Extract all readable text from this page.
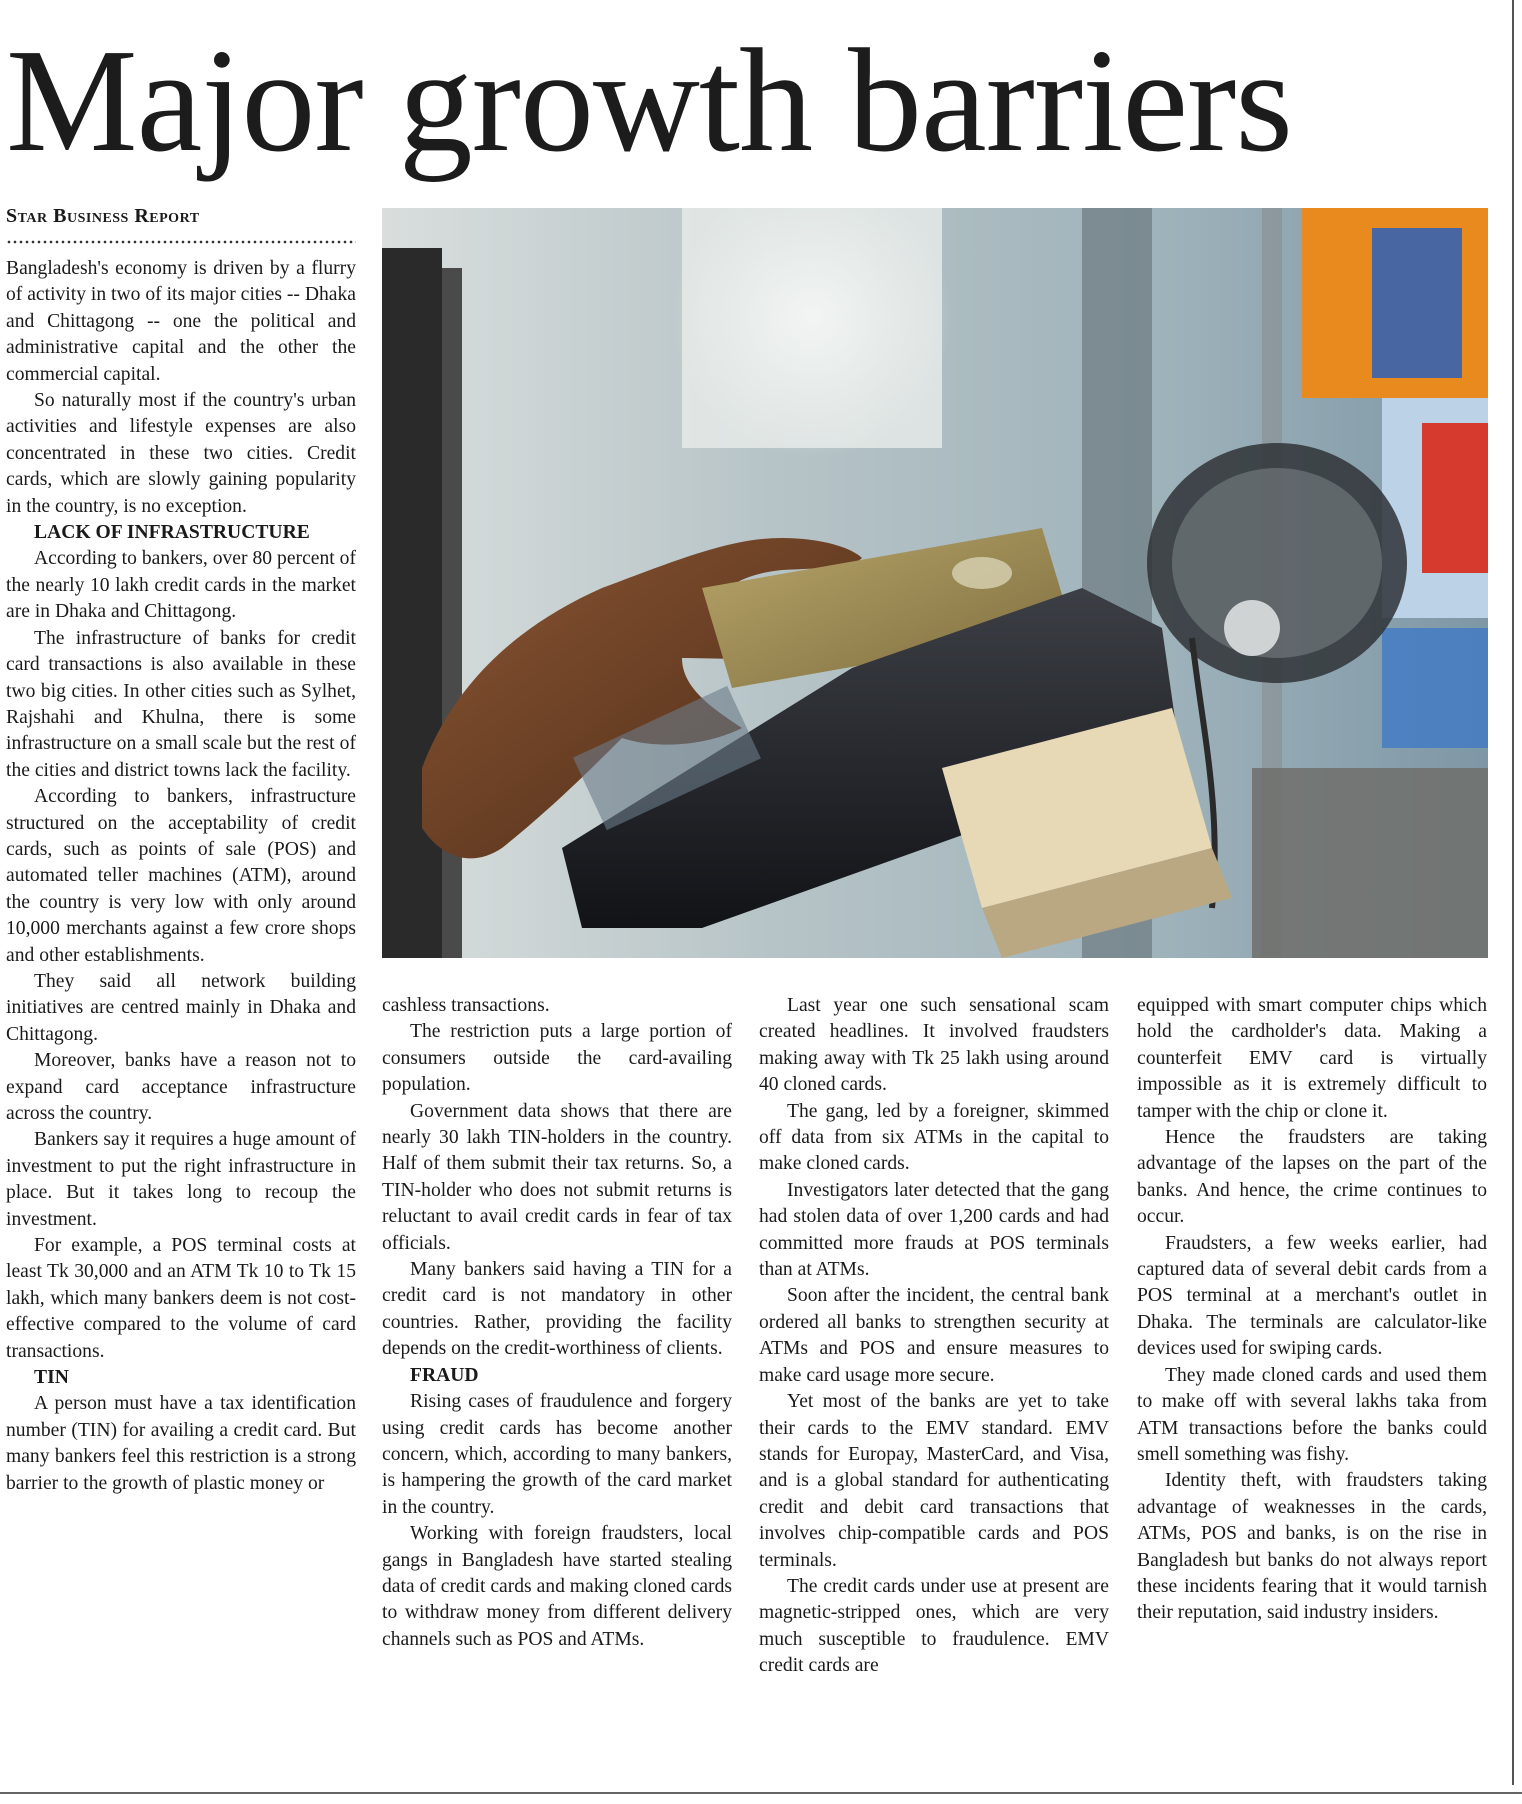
Major growth barriers
Star Business Report

Bangladesh's economy is driven by a flurry of activity in two of its major cities -- Dhaka and Chittagong -- one the political and administrative capital and the other the commercial capital.

So naturally most if the country's urban activities and lifestyle expenses are also concentrated in these two cities. Credit cards, which are slowly gaining popularity in the country, is no exception.

LACK OF INFRASTRUCTURE

According to bankers, over 80 percent of the nearly 10 lakh credit cards in the market are in Dhaka and Chittagong.

The infrastructure of banks for credit card transactions is also available in these two big cities. In other cities such as Sylhet, Rajshahi and Khulna, there is some infrastructure on a small scale but the rest of the cities and district towns lack the facility.

According to bankers, infrastructure structured on the acceptability of credit cards, such as points of sale (POS) and automated teller machines (ATM), around the country is very low with only around 10,000 merchants against a few crore shops and other establishments.

They said all network building initiatives are centred mainly in Dhaka and Chittagong.

Moreover, banks have a reason not to expand card acceptance infrastructure across the country.

Bankers say it requires a huge amount of investment to put the right infrastructure in place. But it takes long to recoup the investment.

For example, a POS terminal costs at least Tk 30,000 and an ATM Tk 10 to Tk 15 lakh, which many bankers deem is not cost-effective compared to the volume of card transactions.

TIN

A person must have a tax identification number (TIN) for availing a credit card. But many bankers feel this restriction is a strong barrier to the growth of plastic money or

cashless transactions.

The restriction puts a large portion of consumers outside the card-availing population.

Government data shows that there are nearly 30 lakh TIN-holders in the country. Half of them submit their tax returns. So, a TIN-holder who does not submit returns is reluctant to avail credit cards in fear of tax officials.

Many bankers said having a TIN for a credit card is not mandatory in other countries. Rather, providing the facility depends on the credit-worthiness of clients.

FRAUD

Rising cases of fraudulence and forgery using credit cards has become another concern, which, according to many bankers, is hampering the growth of the card market in the country.

Working with foreign fraudsters, local gangs in Bangladesh have started stealing data of credit cards and making cloned cards to withdraw money from different delivery channels such as POS and ATMs.

Last year one such sensational scam created headlines. It involved fraudsters making away with Tk 25 lakh using around 40 cloned cards.

The gang, led by a foreigner, skimmed off data from six ATMs in the capital to make cloned cards.

Investigators later detected that the gang had stolen data of over 1,200 cards and had committed more frauds at POS terminals than at ATMs.

Soon after the incident, the central bank ordered all banks to strengthen security at ATMs and POS and ensure measures to make card usage more secure.

Yet most of the banks are yet to take their cards to the EMV standard. EMV stands for Europay, MasterCard, and Visa, and is a global standard for authenticating credit and debit card transactions that involves chip-compatible cards and POS terminals.

The credit cards under use at present are magnetic-stripped ones, which are very much susceptible to fraudulence. EMV credit cards are

equipped with smart computer chips which hold the cardholder's data. Making a counterfeit EMV card is virtually impossible as it is extremely difficult to tamper with the chip or clone it.

Hence the fraudsters are taking advantage of the lapses on the part of the banks. And hence, the crime continues to occur.

Fraudsters, a few weeks earlier, had captured data of several debit cards from a POS terminal at a merchant's outlet in Dhaka. The terminals are calculator-like devices used for swiping cards.

They made cloned cards and used them to make off with several lakhs taka from ATM transactions before the banks could smell something was fishy.

Identity theft, with fraudsters taking advantage of weaknesses in the cards, ATMs, POS and banks, is on the rise in Bangladesh but banks do not always report these incidents fearing that it would tarnish their reputation, said industry insiders.
